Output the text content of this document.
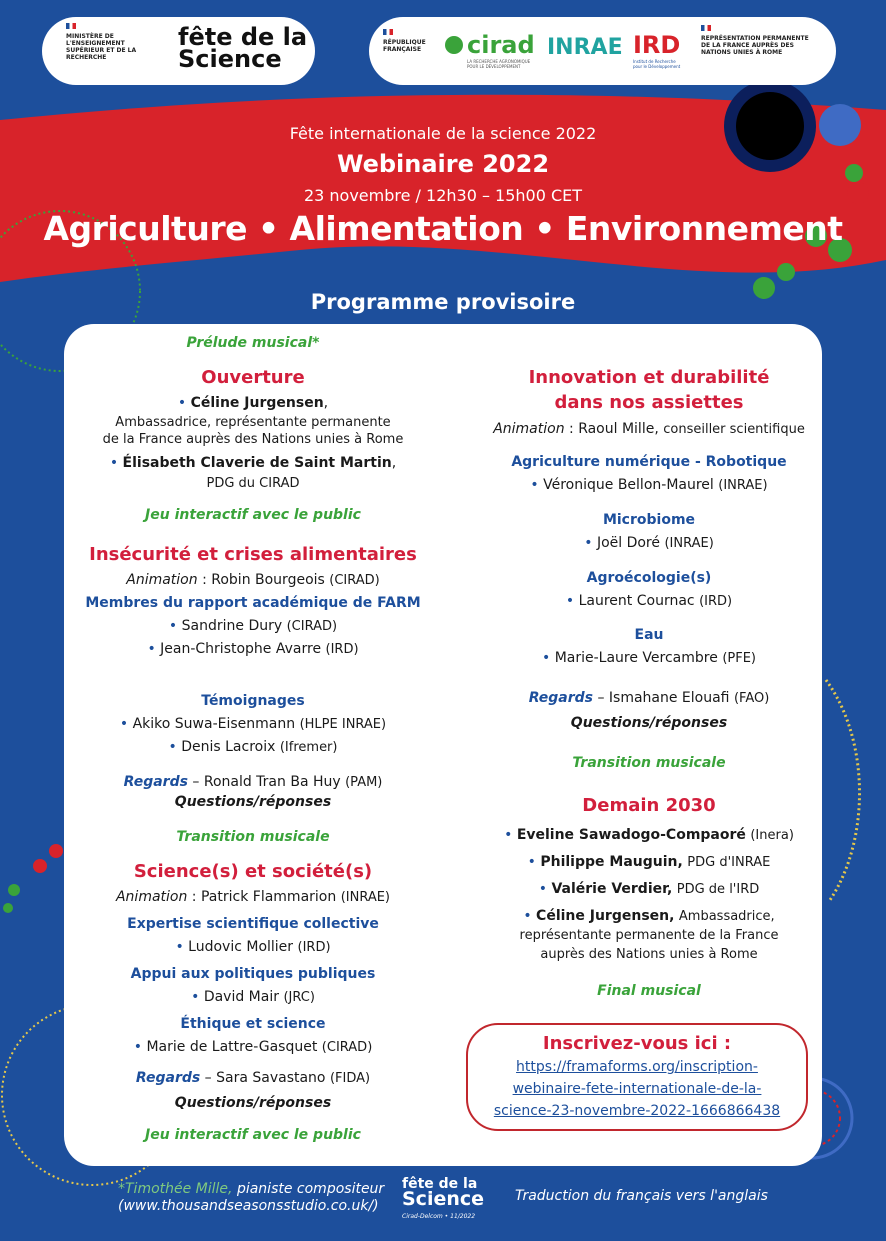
MINISTÈRE DE L'ENSEIGNEMENT SUPÉRIEUR ET DE LA RECHERCHE
fête de la
Science
RÉPUBLIQUE FRANÇAISE	cirad
LA RECHERCHE AGRONOMIQUE POUR LE DÉVELOPPEMENT
INRAE IRD
Institut de Recherche pour le Développement
REPRÉSENTATION PERMANENTE DE LA FRANCE AUPRÈS DES NATIONS UNIES À ROME
Fête internationale de la science 2022
Webinaire 2022
23 novembre / 12h30 – 15h00 CET
Agriculture • Alimentation • Environnement
Programme provisoire
Prélude musical*
Ouverture
• Céline Jurgensen,
Ambassadrice, représentante permanente
de la France auprès des Nations unies à Rome
• Élisabeth Claverie de Saint Martin,
PDG du CIRAD
Jeu interactif avec le public
Insécurité et crises alimentaires
Animation : Robin Bourgeois (CIRAD)
Membres du rapport académique de FARM
• Sandrine Dury (CIRAD)
• Jean-Christophe Avarre (IRD)
Témoignages
• Akiko Suwa-Eisenmann (HLPE INRAE)
• Denis Lacroix (Ifremer)
Regards – Ronald Tran Ba Huy (PAM)
Questions/réponses
Transition musicale
Science(s) et société(s)
Animation : Patrick Flammarion (INRAE)
Expertise scientifique collective
• Ludovic Mollier (IRD)
Appui aux politiques publiques
• David Mair (JRC)
Éthique et science
• Marie de Lattre-Gasquet (CIRAD)
Regards – Sara Savastano (FIDA)
Questions/réponses
Jeu interactif avec le public
Innovation et durabilité
dans nos assiettes
Animation : Raoul Mille, conseiller scientifique
Agriculture numérique - Robotique
• Véronique Bellon-Maurel (INRAE)
Microbiome
• Joël Doré (INRAE)
Agroécologie(s)
• Laurent Cournac (IRD)
Eau
• Marie-Laure Vercambre (PFE)
Regards – Ismahane Elouafi (FAO)
Questions/réponses
Transition musicale
Demain 2030
• Eveline Sawadogo-Compaoré (Inera)
• Philippe Mauguin, PDG d'INRAE
• Valérie Verdier, PDG de l'IRD
• Céline Jurgensen, Ambassadrice,
représentante permanente de la France
auprès des Nations unies à Rome
Final musical
Inscrivez-vous ici :
https://framaforms.org/inscription-
webinaire-fete-internationale-de-la-
science-23-novembre-2022-1666866438
*Timothée Mille, pianiste compositeur
(www.thousandseasonsstudio.co.uk/)
fête de la
Science
Cirad-Delcom • 11/2022
Traduction du français vers l'anglais
